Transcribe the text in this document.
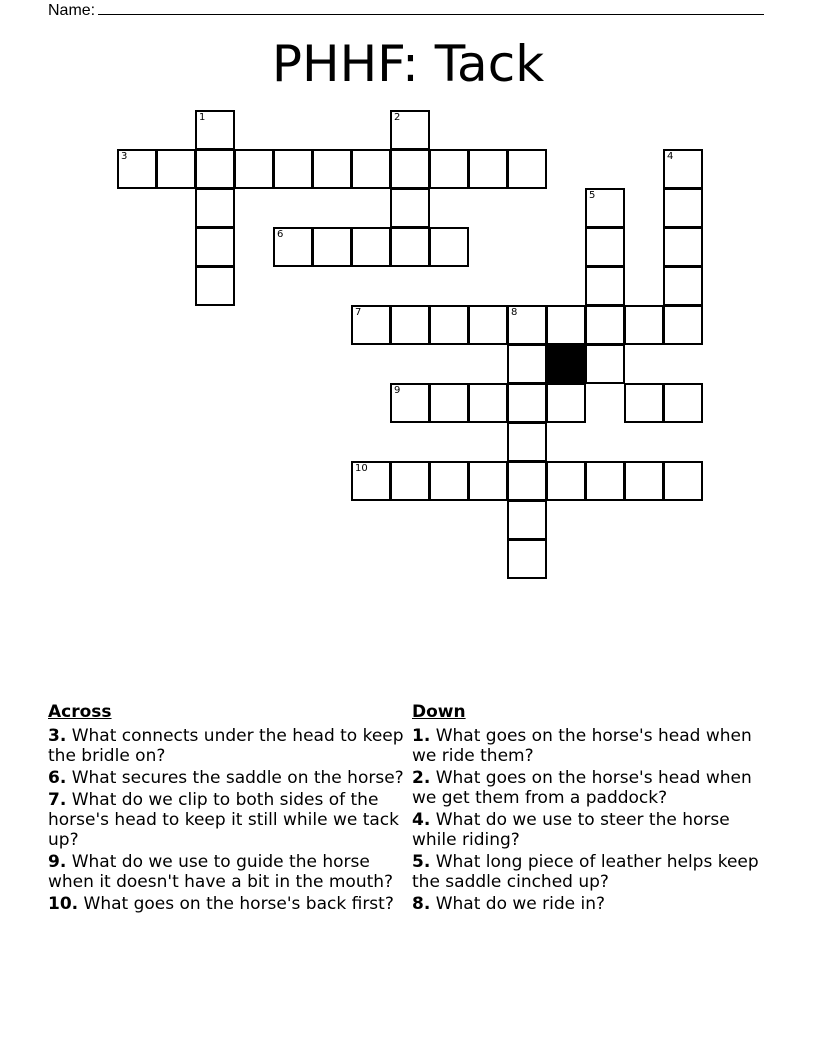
Name:
PHHF: Tack
1	2
3	4
5
6
7	8
9
10
Across
3. What connects under the head to keep the bridle on?
6. What secures the saddle on the horse?
7. What do we clip to both sides of the horse's head to keep it still while we tack up?
9. What do we use to guide the horse when it doesn't have a bit in the mouth?
10. What goes on the horse's back first?
Down
1. What goes on the horse's head when we ride them?
2. What goes on the horse's head when we get them from a paddock?
4. What do we use to steer the horse while riding?
5. What long piece of leather helps keep the saddle cinched up?
8. What do we ride in?
